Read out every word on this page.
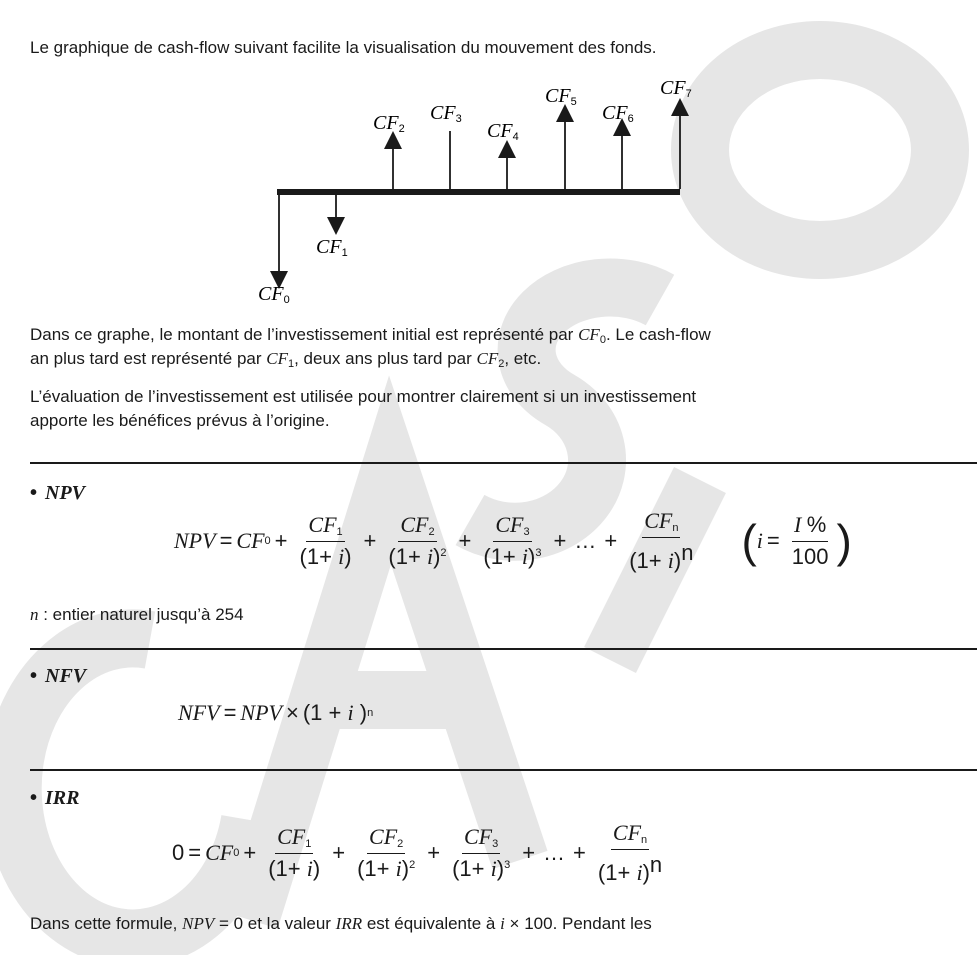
Le graphique de cash-flow suivant facilite la visualisation du mouvement des fonds.
CF0
CF1
CF2
CF3
CF4
CF5 CF6
CF7
Dans ce graphe, le montant de l’investissement initial est représenté par $CF_0$. Le cash-flow
an plus tard est représenté par $CF_1$, deux ans plus tard par $CF_2$, etc.
L’évaluation de l’investissement est utilisée pour montrer clairement si un investissement
apporte les bénéfices prévus à l’origine.
• NPV
NPV = CF $0 + \frac{CF_1}{(1+ i)} + \frac{CF_2}{(1+ i)^2} + \frac{CF_3}{(1+ i)^3}$ + … + $\frac{CF_n}{(1+ i)n}$ ( $i = \frac{I \%}{100}$ )
n : entier naturel jusqu’à 254
• NFV
NFV = NPV × (1 +
i
) n
• IRR
0 = CF $0 + \frac{CF_1}{(1+ i)} + \frac{CF_2}{(1+ i)^2} + \frac{CF_3}{(1+ i)^3}$ + … + $\frac{CF_n}{(1+ i)n}$
Dans cette formule, NPV = 0 et la valeur IRR est équivalente à i × 100. Pendant les
